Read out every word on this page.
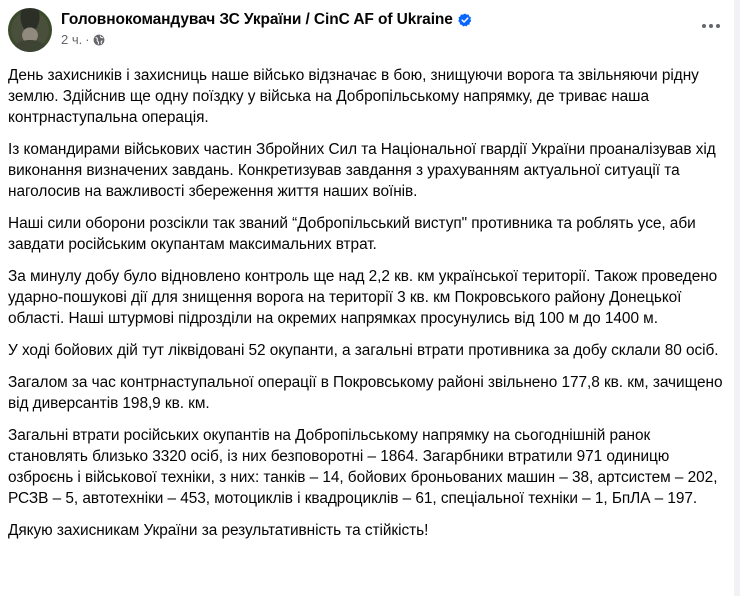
Головнокомандувач ЗС України / CinC AF of Ukraine
2 ч. ·

День захисників і захисниць наше військо відзначає в бою, знищуючи ворога та звільняючи рідну землю. Здійснив ще одну поїздку у війська на Добропільському напрямку, де триває наша контрнаступальна операція.

Із командирами військових частин Збройних Сил та Національної гвардії України проаналізував хід виконання визначених завдань. Конкретизував завдання з урахуванням актуальної ситуації та наголосив на важливості збереження життя наших воїнів.

Наші сили оборони розсікли так званий “Добропільський виступ" противника та роблять усе, аби завдати російським окупантам максимальних втрат.

За минулу добу було відновлено контроль ще над 2,2 кв. км української території. Також проведено ударно-пошукові дії для знищення ворога на території 3 кв. км Покровського району Донецької області. Наші штурмові підрозділи на окремих напрямках просунулись від 100 м до 1400 м.

У ході бойових дій тут ліквідовані 52 окупанти, а загальні втрати противника за добу склали 80 осіб.

Загалом за час контрнаступальної операції в Покровському районі звільнено 177,8 кв. км, зачищено від диверсантів 198,9 кв. км.

Загальні втрати російських окупантів на Добропільському напрямку на сьогоднішній ранок становлять близько 3320 осіб, із них безповоротні – 1864. Загарбники втратили 971 одиницю озброєнь і військової техніки, з них: танків – 14, бойових броньованих машин – 38, артсистем – 202, РСЗВ – 5, автотехніки – 453, мотоциклів і квадроциклів – 61, спеціальної техніки – 1, БпЛА – 197.

Дякую захисникам України за результативність та стійкість!
